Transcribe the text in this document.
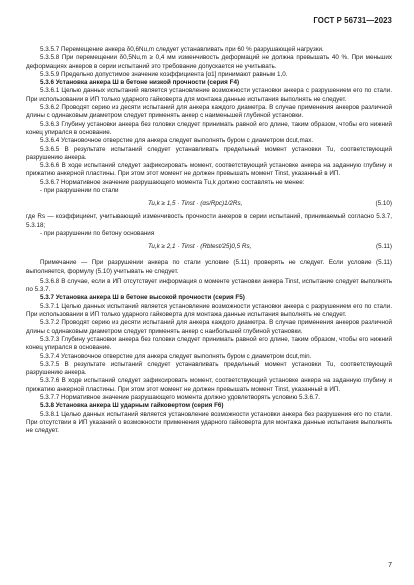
ГОСТ Р 56731—2023

5.3.5.7 Перемещение анкера δ0,6Nu,m следует устанавливать при 60 % разрушающей нагрузки.

5.3.5.8 При перемещении δ0,5Nu,m ≥ 0,4 мм изменчивость деформаций не должна превышать 40 %. При меньших деформациях анкеров в серии испытаний это требование допускается не учитывать.

5.3.5.9 Предельно допустимое значение коэффициента [α1] принимают равным 1,0.

5.3.6 Установка анкера Ш в бетоне низкой прочности (серия F4)

5.3.6.1 Целью данных испытаний является установление возможности установки анкера с разрушением его по стали. При использовании в ИП только ударного гайковерта для монтажа данные испытания выполнять не следует.

5.3.6.2 Проводят серию из десяти испытаний для анкера каждого диаметра. В случае применения анкеров различной длины с одинаковым диаметром следует применять анкер с наименьшей глубиной установки.

5.3.6.3 Глубину установки анкера без головки следует принимать равной его длине, таким образом, чтобы его нижний конец упирался в основание.

5.3.6.4 Установочное отверстие для анкера следует выполнять буром с диаметром dcut,max.

5.3.6.5 В результате испытаний следует устанавливать предельный момент установки Tu, соответствующий разрушению анкера.

5.3.6.6 В ходе испытаний следует зафиксировать момент, соответствующий установке анкера на заданную глубину и прижатию анкерной пластины. При этом этот момент не должен превышать момент Tinst, указанный в ИП.

5.3.6.7 Нормативное значение разрушающего момента Tu,k должно составлять не менее:

- при разрушении по стали

Tu,k ≥ 1,5 · Tinst · (αs/Rpc)1/2Rs,	(5.10)

где Rs — коэффициент, учитывающий изменчивость прочности анкеров в серии испытаний, принимаемый согласно 5.3.7, 5.3.18;

- при разрушении по бетону основания

Tu,k ≥ 2,1 · Tinst · (Rbtest/25)0,5 Rs,	(5.11)

Примечание — При разрушении анкера по стали условие (5.11) проверять не следует. Если условие (5.11) выполняется, формулу (5.10) учитывать не следует.

5.3.6.8 В случае, если в ИП отсутствует информация о моменте установки анкера Tinst, испытание следует выполнять по 5.3.7.

5.3.7 Установка анкера Ш в бетоне высокой прочности (серия F5)

5.3.7.1 Целью данных испытаний является установление возможности установки анкера с разрушением его по стали. При использовании в ИП только ударного гайковерта для монтажа данные испытания выполнять не следует.

5.3.7.2 Проводят серию из десяти испытаний для анкера каждого диаметра. В случае применения анкеров различной длины с одинаковым диаметром следует применять анкер с наибольшей глубиной установки.

5.3.7.3 Глубину установки анкера без головки следует принимать равной его длине, таким образом, чтобы его нижний конец упирался в основание.

5.3.7.4 Установочное отверстие для анкера следует выполнять буром с диаметром dcut,min.

5.3.7.5 В результате испытаний следует устанавливать предельный момент установки Tu, соответствующий разрушению анкера.

5.3.7.6 В ходе испытаний следует зафиксировать момент, соответствующий установке анкера на заданную глубину и прижатию анкерной пластины. При этом этот момент не должен превышать момент Tinst, указанный в ИП.

5.3.7.7 Нормативное значение разрушающего момента должно удовлетворять условию 5.3.6.7.

5.3.8 Установка анкера Ш ударным гайковертом (серия F6)

5.3.8.1 Целью данных испытаний является установление возможности установки анкера без разрушения его по стали. При отсутствии в ИП указаний о возможности применения ударного гайковерта для монтажа данные испытания выполнять не следует.

7
